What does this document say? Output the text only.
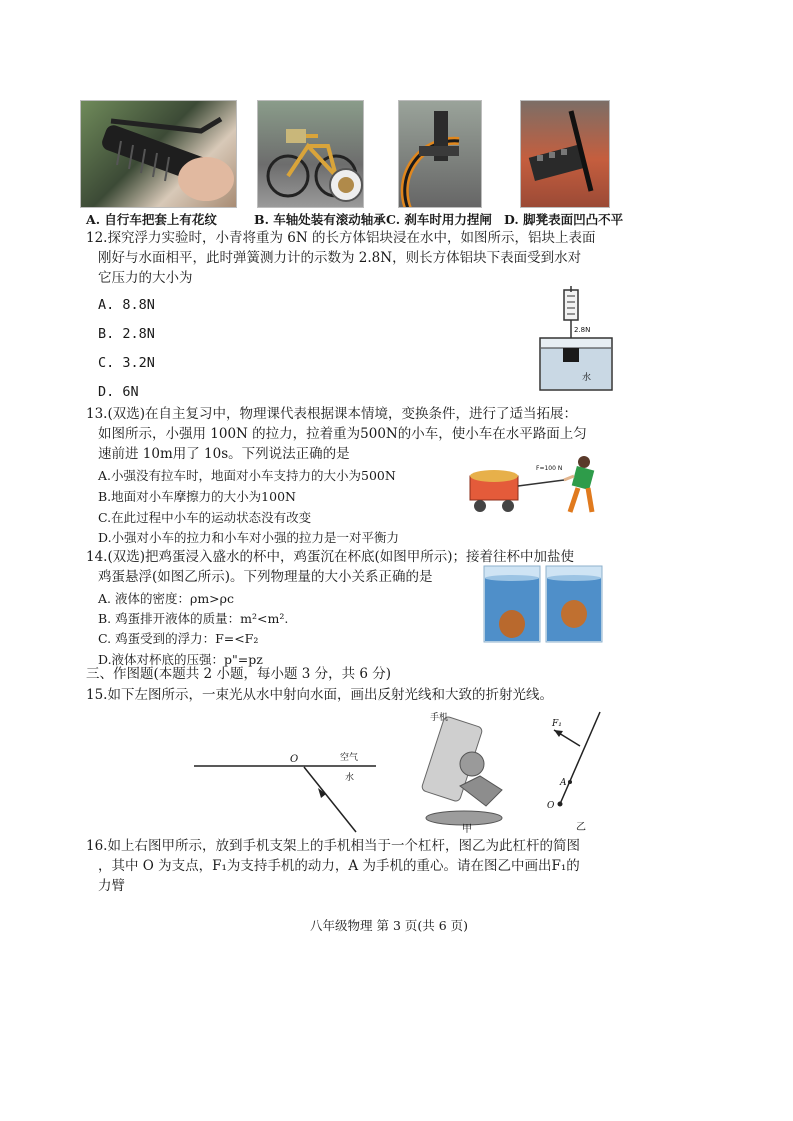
A. 自行车把套上有花纹	B. 车轴处装有滚动轴承 C. 刹车时用力捏闸 D. 脚凳表面凹凸不平
12.探究浮力实验时，小青将重为 6N 的长方体铝块浸在水中，如图所示，铝块上表面
刚好与水面相平，此时弹簧测力计的示数为 2.8N，则长方体铝块下表面受到水对
它压力的大小为
A. 8.8N
B. 2.8N
C. 3.2N
D. 6N
2.8N
水
13.(双选)在自主复习中，物理课代表根据课本情境，变换条件，进行了适当拓展：
如图所示，小强用 100N 的拉力，拉着重为500N的小车，使小车在水平路面上匀
速前进 10m用了 10s。下列说法正确的是
A.小强没有拉车时，地面对小车支持力的大小为500N
B.地面对小车摩擦力的大小为100N
C.在此过程中小车的运动状态没有改变
D.小强对小车的拉力和小车对小强的拉力是一对平衡力
F=100 N
14.(双选)把鸡蛋浸入盛水的杯中，鸡蛋沉在杯底(如图甲所示)；接着往杯中加盐使
鸡蛋悬浮(如图乙所示)。下列物理量的大小关系正确的是
A. 液体的密度：ρm>ρc
B. 鸡蛋排开液体的质量：m²<m².
C. 鸡蛋受到的浮力：F=<F₂
D.液体对杯底的压强：p"=pz
三、作图题(本题共 2 小题，每小题 3 分，共 6 分)
15.如下左图所示，一束光从水中射向水面，画出反射光线和大致的折射光线。
O	空气
水
手机
甲
F₁
A
O
乙
16.如上右图甲所示，放到手机支架上的手机相当于一个杠杆，图乙为此杠杆的简图
，其中 O 为支点，F₁为支持手机的动力，A 为手机的重心。请在图乙中画出F₁的
力臂
八年级物理 第 3 页(共 6 页)
